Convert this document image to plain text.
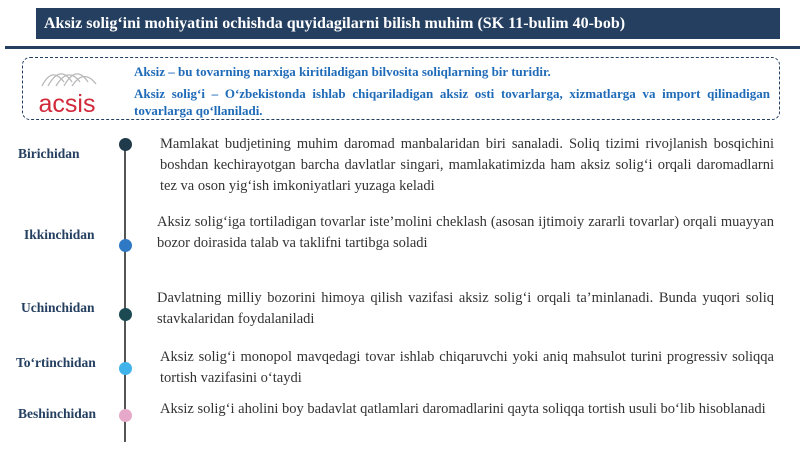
Aksiz solig‘ini mohiyatini ochishda quyidagilarni bilish muhim (SK 11-bulim 40-bob)
acsis
Aksiz – bu tovarning narxiga kiritiladigan bilvosita soliqlarning bir turidir.
Aksiz solig‘i – O‘zbekistonda ishlab chiqariladigan aksiz osti tovarlarga, xizmatlarga va import qilinadigan tovarlarga qo‘llaniladi.
Birichidan
Mamlakat budjetining muhim daromad manbalaridan biri sanaladi. Soliq tizimi rivojlanish bosqichini boshdan kechirayotgan barcha davlatlar singari, mamlakatimizda ham aksiz solig‘i orqali daromadlarni tez va oson yig‘ish imkoniyatlari yuzaga keladi
Ikkinchidan
Aksiz solig‘iga tortiladigan tovarlar iste’molini cheklash (asosan ijtimoiy zararli tovarlar) orqali muayyan bozor doirasida talab va taklifni tartibga soladi
Uchinchidan
Davlatning milliy bozorini himoya qilish vazifasi aksiz solig‘i orqali ta’minlanadi. Bunda yuqori soliq stavkalaridan foydalaniladi
To‘rtinchidan	Aksiz solig‘i monopol mavqedagi tovar ishlab chiqaruvchi yoki aniq mahsulot turini progressiv soliqqa tortish vazifasini o‘taydi
Beshinchidan	Aksiz solig‘i aholini boy badavlat qatlamlari daromadlarini qayta soliqqa tortish usuli bo‘lib hisoblanadi
